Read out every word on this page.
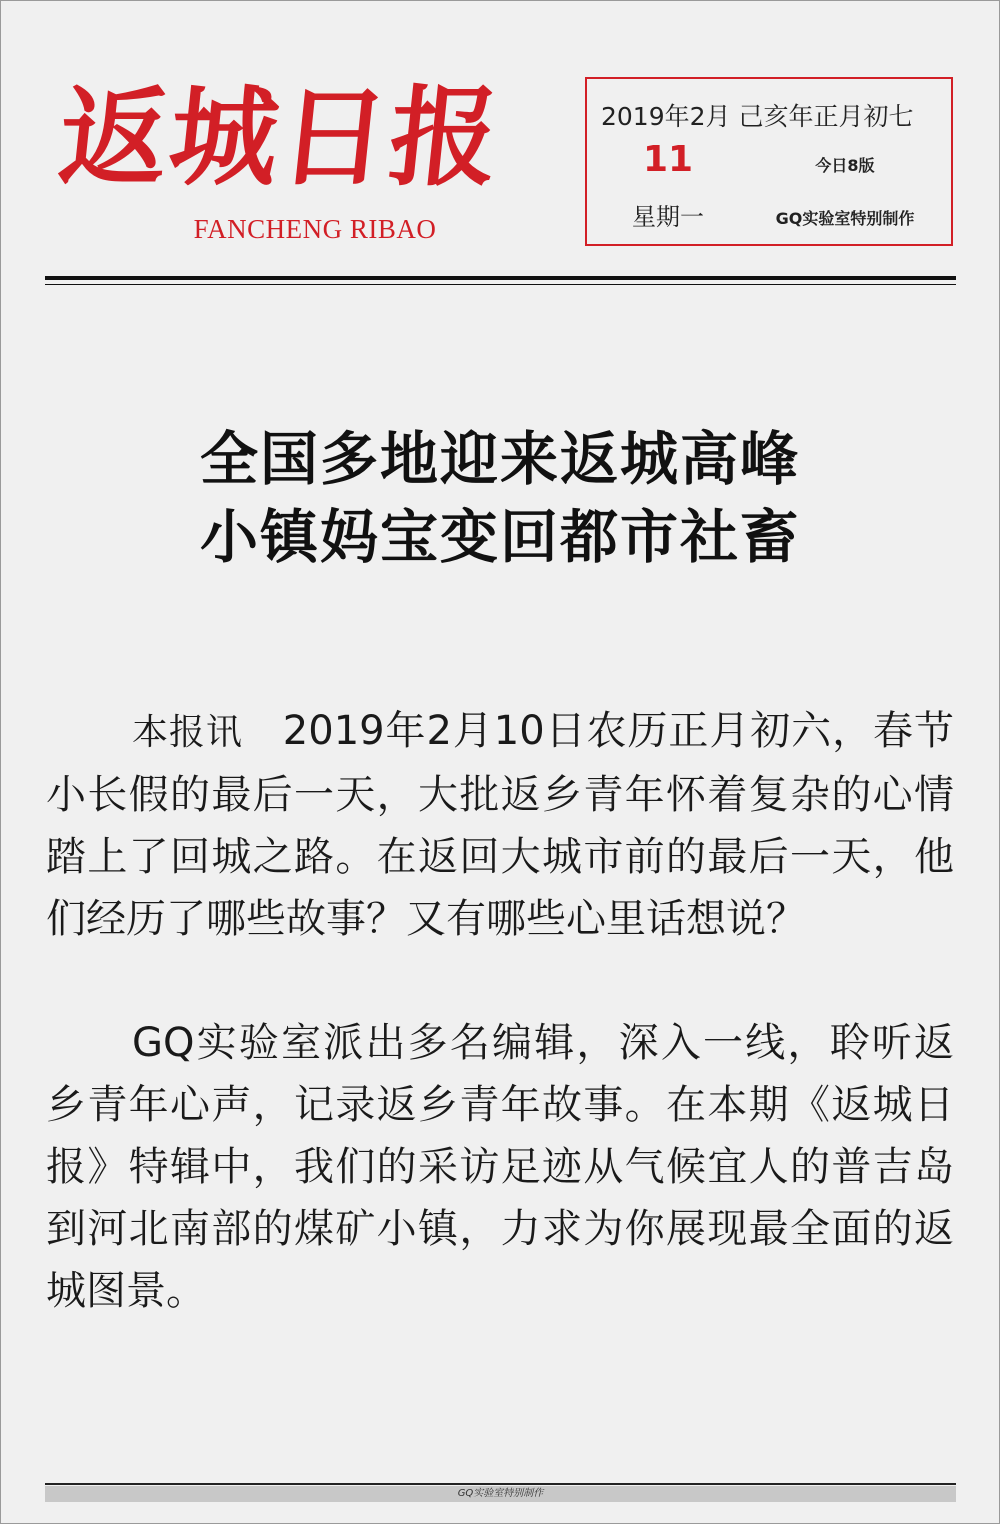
返城日报
FANCHENG RIBAO
2019年2月 己亥年正月初七
11
星期一
今日8版
GQ实验室特别制作
全国多地迎来返城高峰
小镇妈宝变回都市社畜

本报讯 2019年2月10日农历正月初六，春节小长假的最后一天，大批返乡青年怀着复杂的心情踏上了回城之路。在返回大城市前的最后一天，他们经历了哪些故事？又有哪些心里话想说？

GQ实验室派出多名编辑，深入一线，聆听返乡青年心声，记录返乡青年故事。在本期《返城日报》特辑中，我们的采访足迹从气候宜人的普吉岛到河北南部的煤矿小镇，力求为你展现最全面的返城图景。

GQ实验室特别制作
